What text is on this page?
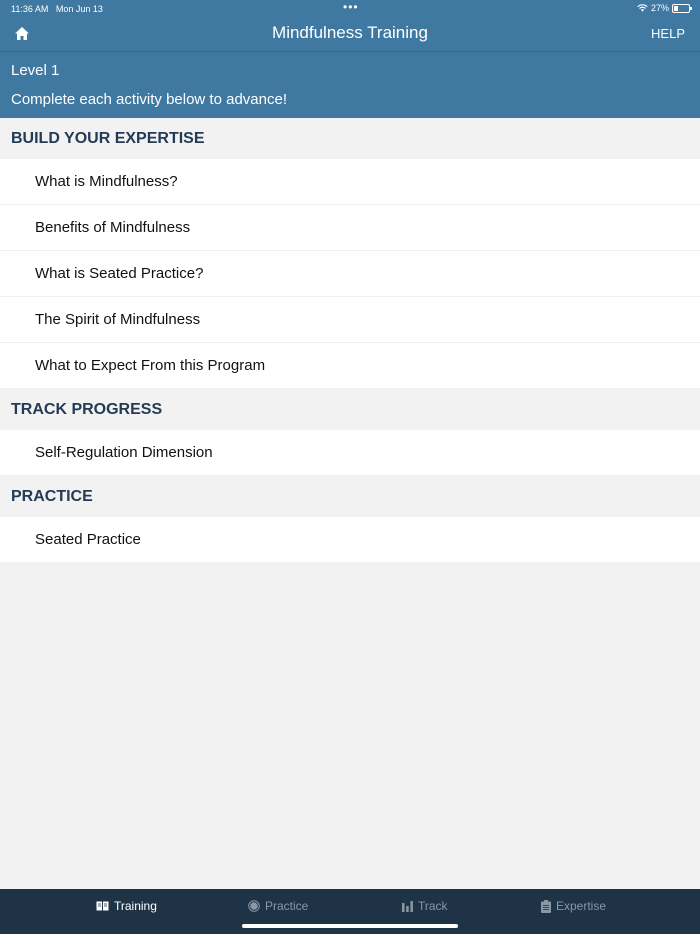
11:36 AM Mon Jun 13	•••	27%
Mindfulness Training	HELP
Level 1
Complete each activity below to advance!
BUILD YOUR EXPERTISE
What is Mindfulness?
Benefits of Mindfulness
What is Seated Practice?
The Spirit of Mindfulness
What to Expect From this Program
TRACK PROGRESS
Self-Regulation Dimension
PRACTICE
Seated Practice
Training	Practice	Track	Expertise
